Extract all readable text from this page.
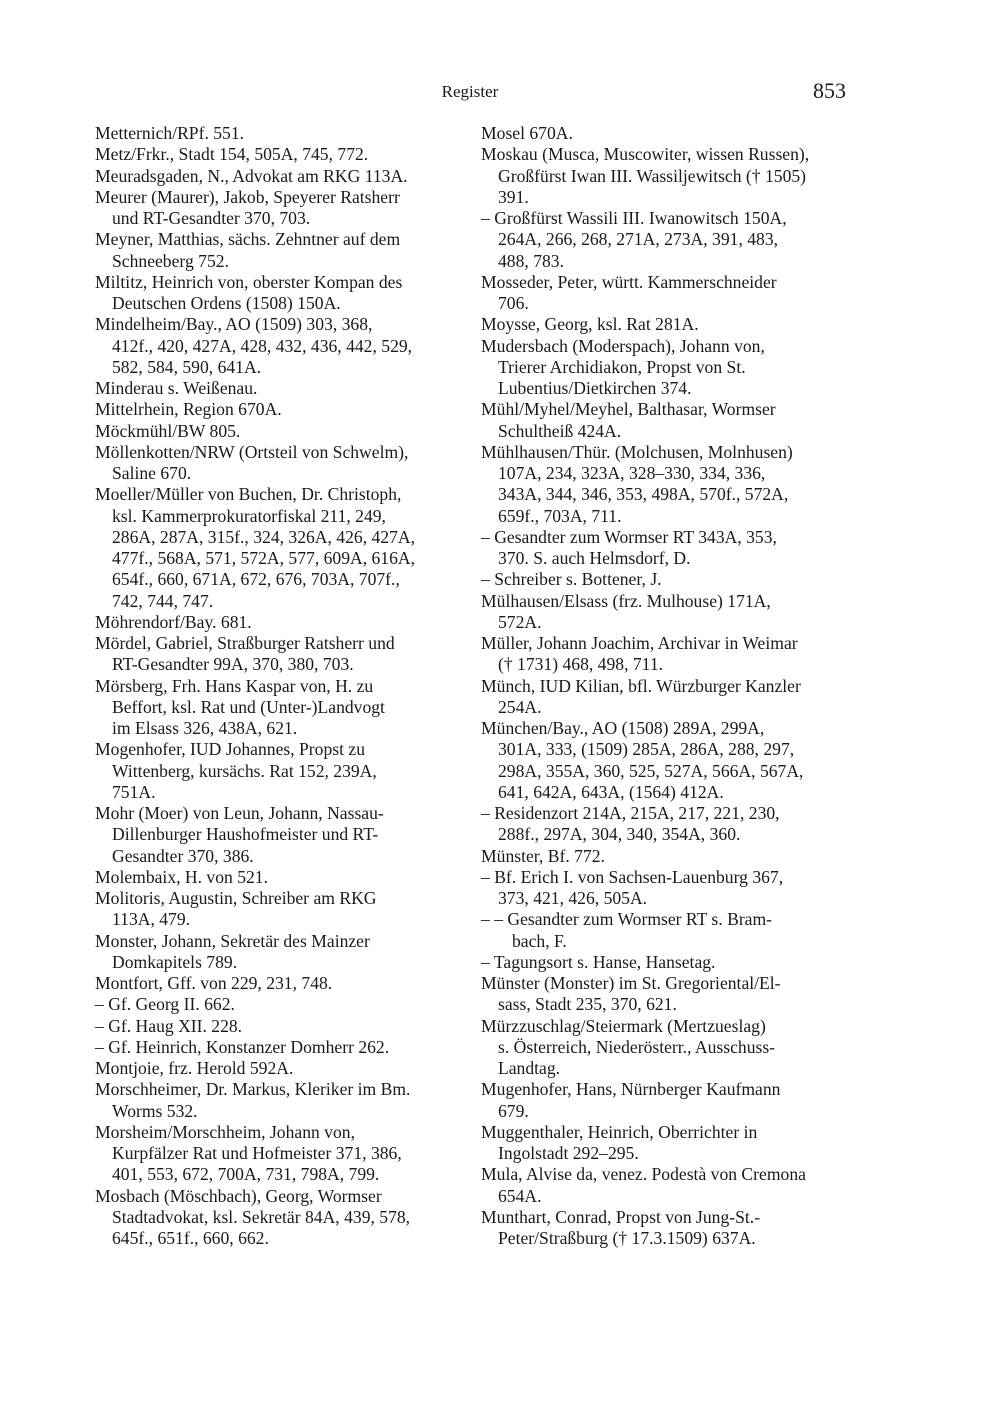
Register	853
Metternich/RPf. 551.
Metz/Frkr., Stadt 154, 505A, 745, 772.
Meuradsgaden, N., Advokat am RKG 113A.
Meurer (Maurer), Jakob, Speyerer Ratsherr
und RT-Gesandter 370, 703.
Meyner, Matthias, sächs. Zehntner auf dem
Schneeberg 752.
Miltitz, Heinrich von, oberster Kompan des
Deutschen Ordens (1508) 150A.
Mindelheim/Bay., AO (1509) 303, 368,
412f., 420, 427A, 428, 432, 436, 442, 529,
582, 584, 590, 641A.
Minderau s. Weißenau.
Mittelrhein, Region 670A.
Möckmühl/BW 805.
Möllenkotten/NRW (Ortsteil von Schwelm),
Saline 670.
Moeller/Müller von Buchen, Dr. Christoph,
ksl. Kammerprokuratorfiskal 211, 249,
286A, 287A, 315f., 324, 326A, 426, 427A,
477f., 568A, 571, 572A, 577, 609A, 616A,
654f., 660, 671A, 672, 676, 703A, 707f.,
742, 744, 747.
Möhrendorf/Bay. 681.
Mördel, Gabriel, Straßburger Ratsherr und
RT-Gesandter 99A, 370, 380, 703.
Mörsberg, Frh. Hans Kaspar von, H. zu
Beffort, ksl. Rat und (Unter-)Landvogt
im Elsass 326, 438A, 621.
Mogenhofer, IUD Johannes, Propst zu
Wittenberg, kursächs. Rat 152, 239A,
751A.
Mohr (Moer) von Leun, Johann, Nassau-
Dillenburger Haushofmeister und RT-
Gesandter 370, 386.
Molembaix, H. von 521.
Molitoris, Augustin, Schreiber am RKG
113A, 479.
Monster, Johann, Sekretär des Mainzer
Domkapitels 789.
Montfort, Gff. von 229, 231, 748.
– Gf. Georg II. 662.
– Gf. Haug XII. 228.
– Gf. Heinrich, Konstanzer Domherr 262.
Montjoie, frz. Herold 592A.
Morschheimer, Dr. Markus, Kleriker im Bm.
Worms 532.
Morsheim/Morschheim, Johann von,
Kurpfälzer Rat und Hofmeister 371, 386,
401, 553, 672, 700A, 731, 798A, 799.
Mosbach (Möschbach), Georg, Wormser
Stadtadvokat, ksl. Sekretär 84A, 439, 578,
645f., 651f., 660, 662.
Mosel 670A.
Moskau (Musca, Muscowiter, wissen Russen),
Großfürst Iwan III. Wassiljewitsch († 1505)
391.
– Großfürst Wassili III. Iwanowitsch 150A,
264A, 266, 268, 271A, 273A, 391, 483,
488, 783.
Mosseder, Peter, württ. Kammerschneider
706.
Moysse, Georg, ksl. Rat 281A.
Mudersbach (Moderspach), Johann von,
Trierer Archidiakon, Propst von St.
Lubentius/Dietkirchen 374.
Mühl/Myhel/Meyhel, Balthasar, Wormser
Schultheiß 424A.
Mühlhausen/Thür. (Molchusen, Molnhusen)
107A, 234, 323A, 328–330, 334, 336,
343A, 344, 346, 353, 498A, 570f., 572A,
659f., 703A, 711.
– Gesandter zum Wormser RT 343A, 353,
370. S. auch Helmsdorf, D.
– Schreiber s. Bottener, J.
Mülhausen/Elsass (frz. Mulhouse) 171A,
572A.
Müller, Johann Joachim, Archivar in Weimar
(† 1731) 468, 498, 711.
Münch, IUD Kilian, bfl. Würzburger Kanzler
254A.
München/Bay., AO (1508) 289A, 299A,
301A, 333, (1509) 285A, 286A, 288, 297,
298A, 355A, 360, 525, 527A, 566A, 567A,
641, 642A, 643A, (1564) 412A.
– Residenzort 214A, 215A, 217, 221, 230,
288f., 297A, 304, 340, 354A, 360.
Münster, Bf. 772.
– Bf. Erich I. von Sachsen-Lauenburg 367,
373, 421, 426, 505A.
– – Gesandter zum Wormser RT s. Bram-
bach, F.
– Tagungsort s. Hanse, Hansetag.
Münster (Monster) im St. Gregoriental/El-
sass, Stadt 235, 370, 621.
Mürzzuschlag/Steiermark (Mertzueslag)
s. Österreich, Niederösterr., Ausschuss-
Landtag.
Mugenhofer, Hans, Nürnberger Kaufmann
679.
Muggenthaler, Heinrich, Oberrichter in
Ingolstadt 292–295.
Mula, Alvise da, venez. Podestà von Cremona
654A.
Munthart, Conrad, Propst von Jung-St.-
Peter/Straßburg († 17.3.1509) 637A.
